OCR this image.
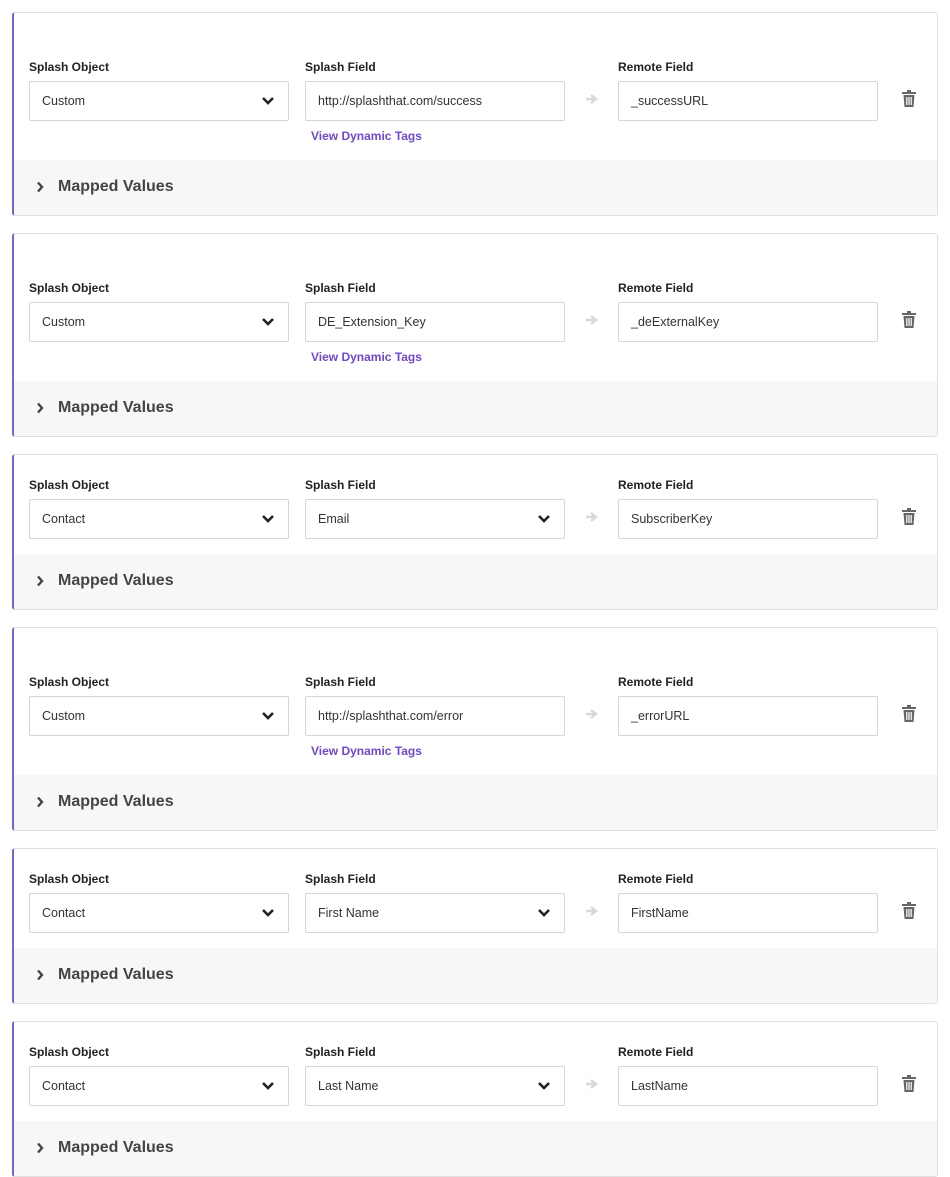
Splash Object
Custom
Splash Field
http://splashthat.com/success
View Dynamic Tags
Remote Field
_successURL
Mapped Values
Splash Object
Custom
Splash Field
DE_Extension_Key
View Dynamic Tags
Remote Field
_deExternalKey
Mapped Values
Splash Object
Contact
Splash Field
Email
Remote Field
SubscriberKey
Mapped Values
Splash Object
Custom
Splash Field
http://splashthat.com/error
View Dynamic Tags
Remote Field
_errorURL
Mapped Values
Splash Object
Contact
Splash Field
First Name
Remote Field
FirstName
Mapped Values
Splash Object
Contact
Splash Field
Last Name
Remote Field
LastName
Mapped Values
